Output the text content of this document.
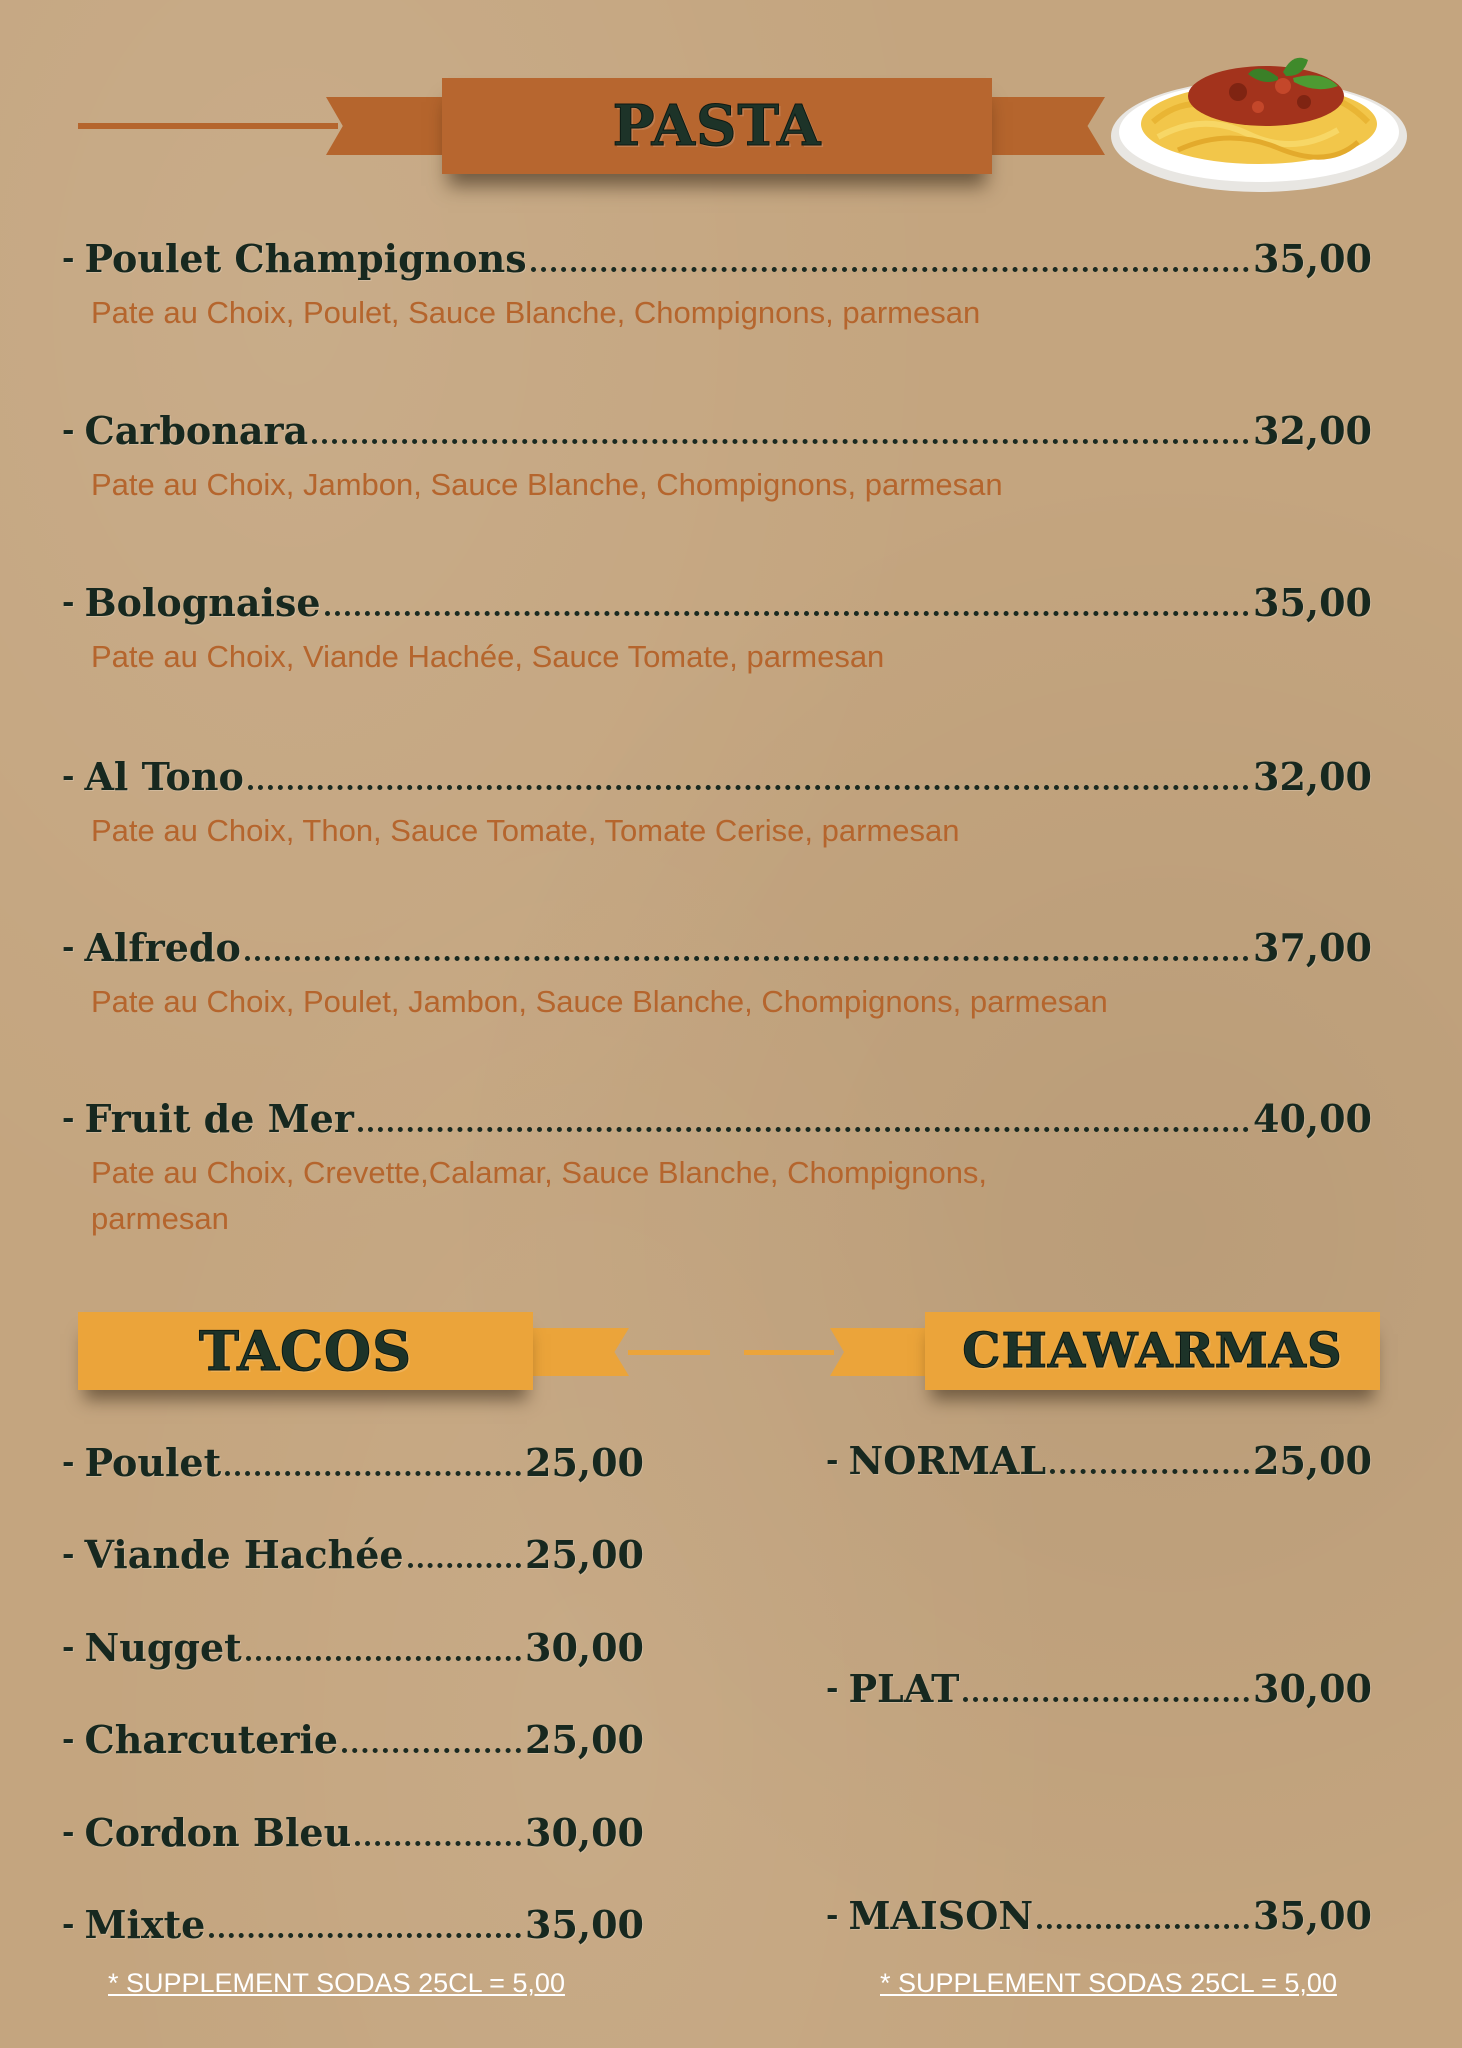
PASTA
- Poulet Champignons	35,00
Pate au Choix, Poulet, Sauce Blanche, Chompignons, parmesan
- Carbonara	32,00
Pate au Choix, Jambon, Sauce Blanche, Chompignons, parmesan
- Bolognaise	35,00
Pate au Choix, Viande Hachée, Sauce Tomate, parmesan
- Al Tono	32,00
Pate au Choix, Thon, Sauce Tomate, Tomate Cerise, parmesan
- Alfredo	37,00
Pate au Choix, Poulet, Jambon, Sauce Blanche, Chompignons, parmesan
- Fruit de Mer	40,00
Pate au Choix, Crevette,Calamar, Sauce Blanche, Chompignons, parmesan
TACOS	CHAWARMAS
- Poulet	25,00
- Viande Hachée	25,00
- Nugget	30,00
- Charcuterie	25,00
- Cordon Bleu	30,00
- Mixte	35,00
- NORMAL	25,00
- PLAT	30,00
- MAISON	35,00
* SUPPLEMENT SODAS 25CL = 5,00	* SUPPLEMENT SODAS 25CL = 5,00
